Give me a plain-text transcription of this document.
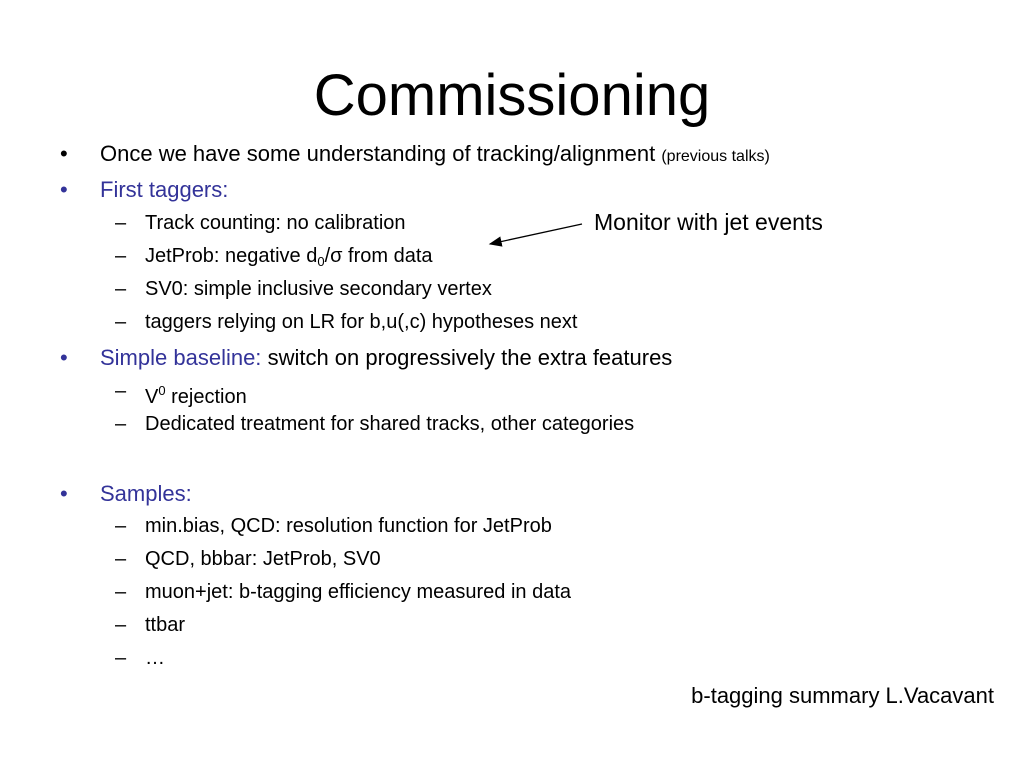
Commissioning
• Once we have some understanding of tracking/alignment (previous talks)
• First taggers:
– Track counting: no calibration
– JetProb: negative $d_0/\sigma$ from data
– SV0: simple inclusive secondary vertex
– taggers relying on LR for b,u(,c) hypotheses next
• Simple baseline: switch on progressively the extra features
– $V^0$ rejection
– Dedicated treatment for shared tracks, other categories
• Samples:
– min.bias, QCD: resolution function for JetProb
– QCD, bbbar: JetProb, SV0
– muon+jet: b-tagging efficiency measured in data
– ttbar
– …
Monitor with jet events
b-tagging summary L.Vacavant
